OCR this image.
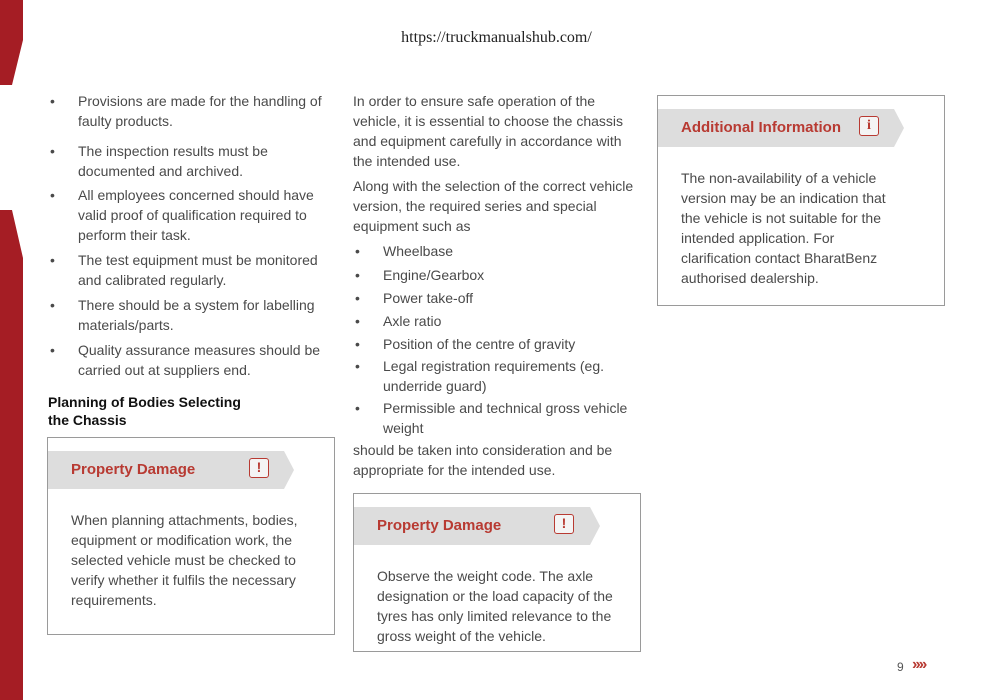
https://truckmanualshub.com/
• Provisions are made for the handling of faulty products.
• The inspection results must be documented and archived.
• All employees concerned should have valid proof of qualification required to perform their task.
• The test equipment must be monitored and calibrated regularly.
• There should be a system for labelling materials/parts.
• Quality assurance measures should be carried out at suppliers end.

Planning of Bodies Selecting

the Chassis

Property Damage	!
When planning attachments, bodies, equipment or modification work, the selected vehicle must be checked to verify whether it fulfils the necessary requirements.

In order to ensure safe operation of the vehicle, it is essential to choose the chassis and equipment carefully in accordance with the intended use.

Along with the selection of the correct vehicle version, the required series and special equipment such as

• Wheelbase
• Engine/Gearbox
• Power take-off
• Axle ratio
• Position of the centre of gravity
• Legal registration requirements (eg. underride guard)
• Permissible and technical gross vehicle weight

should be taken into consideration and be appropriate for the intended use.

Property Damage	!
Observe the weight code. The axle designation or the load capacity of the tyres has only limited relevance to the gross weight of the vehicle.
Additional Information	i
The non-availability of a vehicle version may be an indication that the vehicle is not suitable for the intended application. For clarification contact BharatBenz authorised dealership.
9 ››››
